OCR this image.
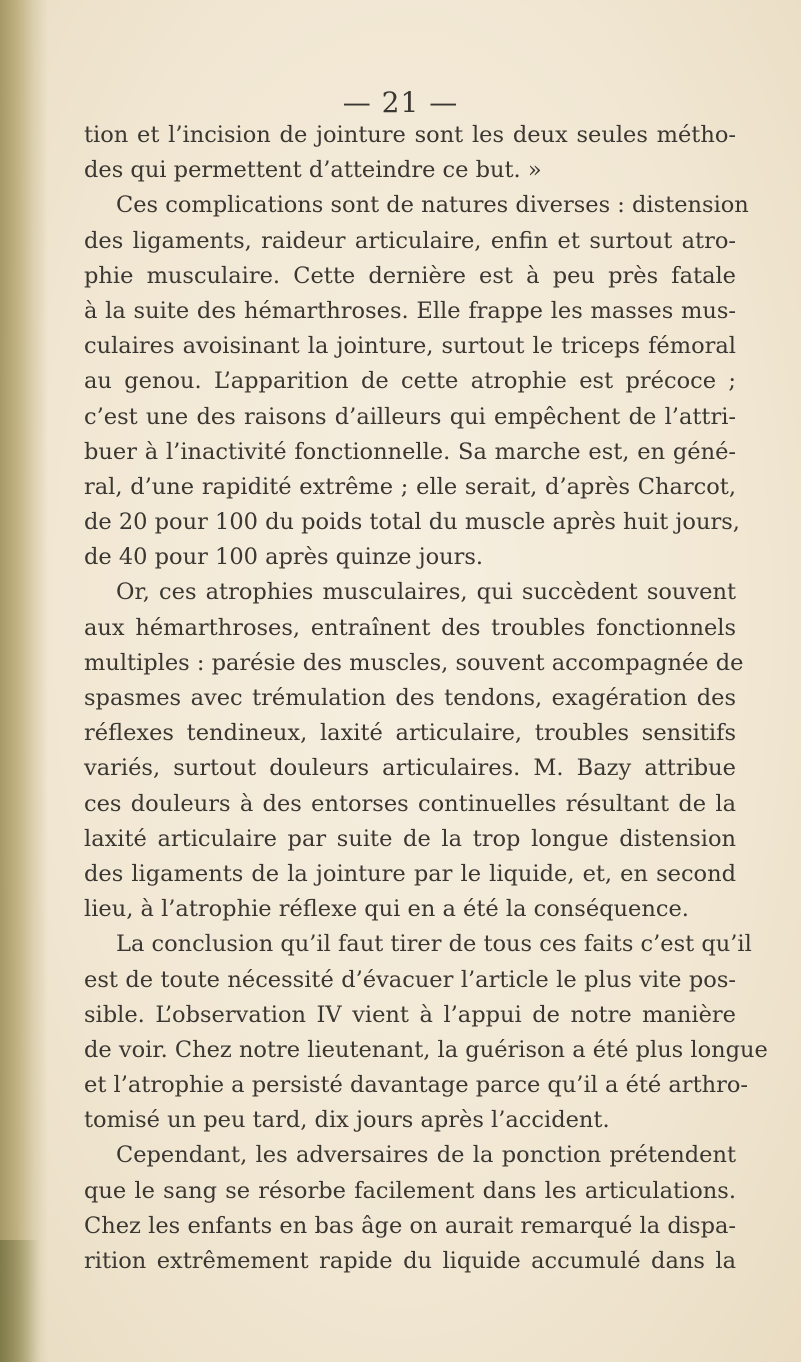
— 21 —
tion et l’incision de jointure sont les deux seules métho-
des qui permettent d’atteindre ce but. »
Ces complications sont de natures diverses : distension
des ligaments, raideur articulaire, enfin et surtout atro-
phie musculaire. Cette dernière est à peu près fatale
à la suite des hémarthroses. Elle frappe les masses mus-
culaires avoisinant la jointure, surtout le triceps fémoral
au genou. L’apparition de cette atrophie est précoce ;
c’est une des raisons d’ailleurs qui empêchent de l’attri-
buer à l’inactivité fonctionnelle. Sa marche est, en géné-
ral, d’une rapidité extrême ; elle serait, d’après Charcot,
de 20 pour 100 du poids total du muscle après huit jours,
de 40 pour 100 après quinze jours.
Or, ces atrophies musculaires, qui succèdent souvent
aux hémarthroses, entraînent des troubles fonctionnels
multiples : parésie des muscles, souvent accompagnée de
spasmes avec trémulation des tendons, exagération des
réflexes tendineux, laxité articulaire, troubles sensitifs
variés, surtout douleurs articulaires. M. Bazy attribue
ces douleurs à des entorses continuelles résultant de la
laxité articulaire par suite de la trop longue distension
des ligaments de la jointure par le liquide, et, en second
lieu, à l’atrophie réflexe qui en a été la conséquence.
La conclusion qu’il faut tirer de tous ces faits c’est qu’il
est de toute nécessité d’évacuer l’article le plus vite pos-
sible. L’observation IV vient à l’appui de notre manière
de voir. Chez notre lieutenant, la guérison a été plus longue
et l’atrophie a persisté davantage parce qu’il a été arthro-
tomisé un peu tard, dix jours après l’accident.
Cependant, les adversaires de la ponction prétendent
que le sang se résorbe facilement dans les articulations.
Chez les enfants en bas âge on aurait remarqué la dispa-
rition extrêmement rapide du liquide accumulé dans la
